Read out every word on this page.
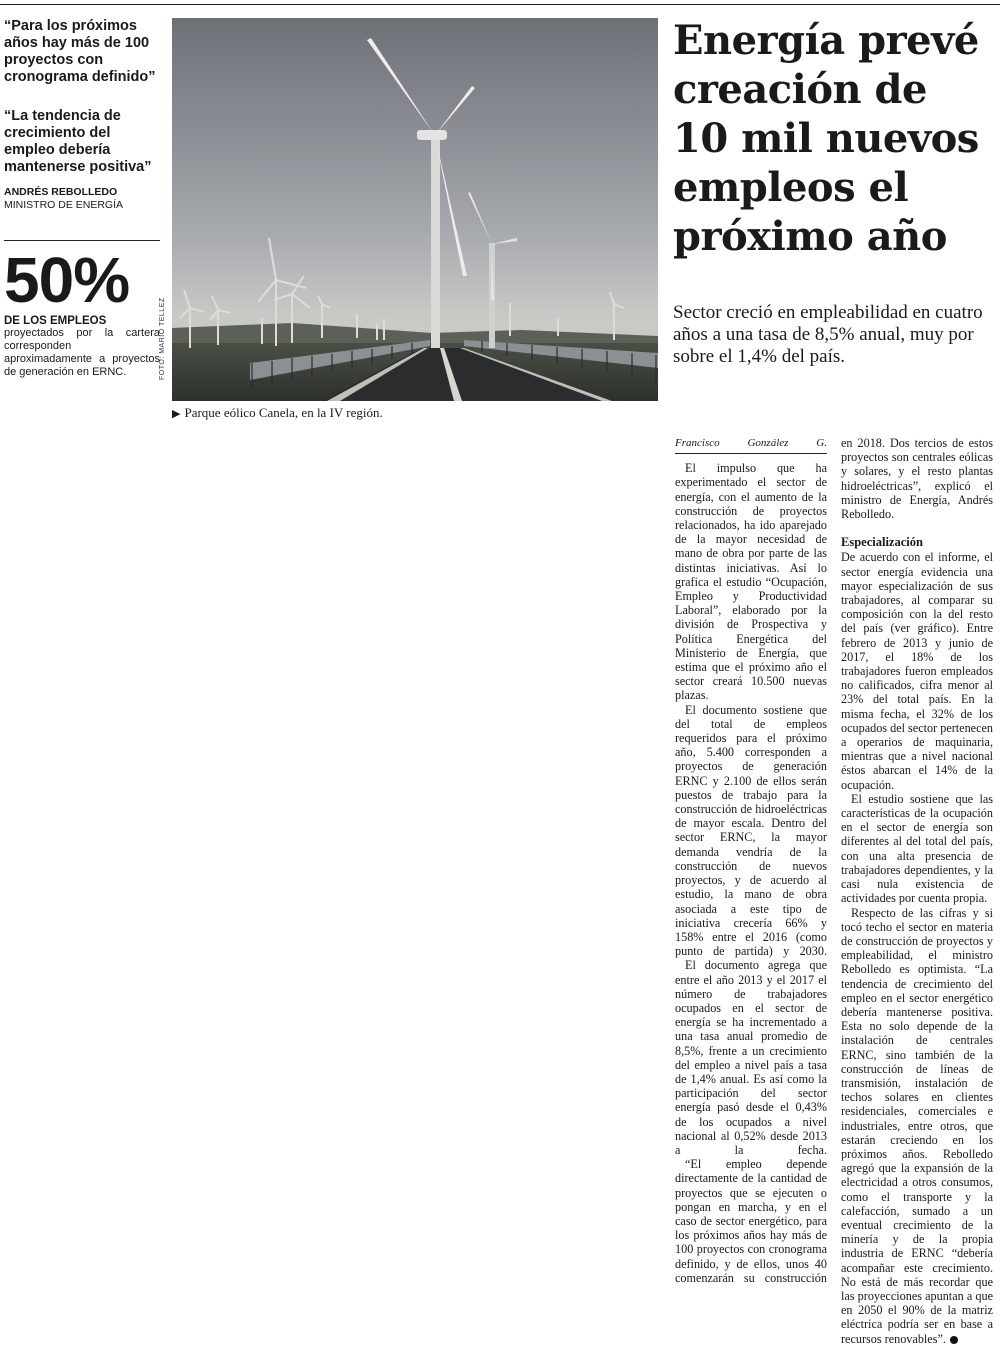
“Para los próximos años hay más de 100 proyectos con cronograma definido”

“La tendencia de crecimiento del empleo debería mantenerse positiva”

ANDRÉS REBOLLEDO
MINISTRO DE ENERGÍA

50%

DE LOS EMPLEOS
proyectados por la cartera corresponden aproximadamente a proyectos de generación en ERNC.	FOTO: MARIO TELLEZ
▶ Parque eólico Canela, en la IV región.
Energía prevé creación de 10 mil nuevos empleos el próximo año

Sector creció en empleabilidad en cuatro años a una tasa de 8,5% anual, muy por sobre el 1,4% del país.

Francisco González G.

El impulso que ha experimentado el sector de energía, con el aumento de la construcción de proyectos relacionados, ha ido aparejado de la mayor necesidad de mano de obra por parte de las distintas iniciativas. Así lo grafica el estudio “Ocupación, Empleo y Productividad Laboral”, elaborado por la división de Prospectiva y Política Energética del Ministerio de Energía, que estima que el próximo año el sector creará 10.500 nuevas plazas.

El documento sostiene que del total de empleos requeridos para el próximo año, 5.400 corresponden a proyectos de generación ERNC y 2.100 de ellos serán puestos de trabajo para la construcción de hidroeléctricas de mayor escala. Dentro del sector ERNC, la mayor demanda vendría de la construcción de nuevos proyectos, y de acuerdo al estudio, la mano de obra asociada a este tipo de iniciativa crecería 66% y 158% entre el 2016 (como punto de partida) y 2030.

El documento agrega que entre el año 2013 y el 2017 el número de trabajadores ocupados en el sector de energía se ha incrementado a una tasa anual promedio de 8,5%, frente a un crecimiento del empleo a nivel país a tasa de 1,4% anual. Es así como la participación del sector energía pasó desde el 0,43% de los ocupados a nivel nacional al 0,52% desde 2013 a la fecha.

“El empleo depende directamente de la cantidad de proyectos que se ejecuten o pongan en marcha, y en el caso de sector energético, para los próximos años hay más de 100 proyectos con cronograma definido, y de ellos, unos 40 comenzarán su construcción

en 2018. Dos tercios de estos proyectos son centrales eólicas y solares, y el resto plantas hidroeléctricas”, explicó el ministro de Energía, Andrés Rebolledo.

Especialización

De acuerdo con el informe, el sector energía evidencia una mayor especialización de sus trabajadores, al comparar su composición con la del resto del país (ver gráfico). Entre febrero de 2013 y junio de 2017, el 18% de los trabajadores fueron empleados no calificados, cifra menor al 23% del total país. En la misma fecha, el 32% de los ocupados del sector pertenecen a operarios de maquinaria, mientras que a nivel nacional éstos abarcan el 14% de la ocupación.

El estudio sostiene que las características de la ocupación en el sector de energía son diferentes al del total del país, con una alta presencia de trabajadores dependientes, y la casi nula existencia de actividades por cuenta propia.

Respecto de las cifras y si tocó techo el sector en materia de construcción de proyectos y empleabilidad, el ministro Rebolledo es optimista. “La tendencia de crecimiento del empleo en el sector energético debería mantenerse positiva. Esta no solo depende de la instalación de centrales ERNC, sino también de la construcción de líneas de transmisión, instalación de techos solares en clientes residenciales, comerciales e industriales, entre otros, que estarán creciendo en los próximos años. Rebolledo agregó que la expansión de la electricidad a otros consumos, como el transporte y la calefacción, sumado a un eventual crecimiento de la minería y de la propia industria de ERNC “debería acompañar este crecimiento. No está de más recordar que las proyecciones apuntan a que en 2050 el 90% de la matriz eléctrica podría ser en base a recursos renovables”.
